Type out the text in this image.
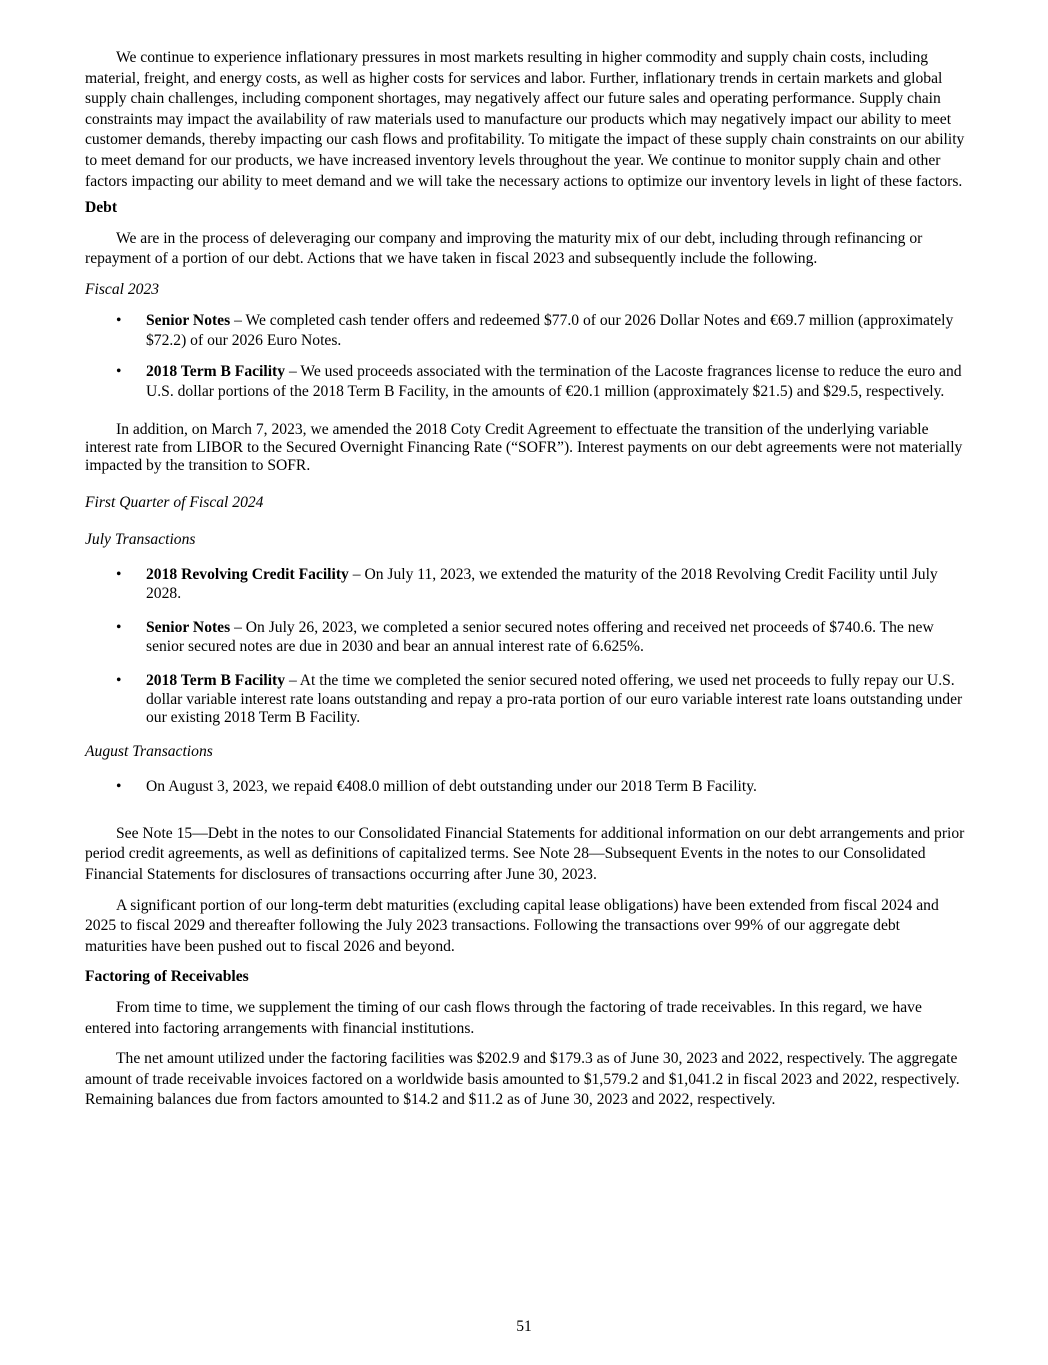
We continue to experience inflationary pressures in most markets resulting in higher commodity and supply chain costs, including material, freight, and energy costs, as well as higher costs for services and labor. Further, inflationary trends in certain markets and global supply chain challenges, including component shortages, may negatively affect our future sales and operating performance. Supply chain constraints may impact the availability of raw materials used to manufacture our products which may negatively impact our ability to meet customer demands, thereby impacting our cash flows and profitability. To mitigate the impact of these supply chain constraints on our ability to meet demand for our products, we have increased inventory levels throughout the year. We continue to monitor supply chain and other factors impacting our ability to meet demand and we will take the necessary actions to optimize our inventory levels in light of these factors.

Debt

We are in the process of deleveraging our company and improving the maturity mix of our debt, including through refinancing or repayment of a portion of our debt. Actions that we have taken in fiscal 2023 and subsequently include the following.

Fiscal 2023

• Senior Notes – We completed cash tender offers and redeemed $77.0 of our 2026 Dollar Notes and €69.7 million (approximately $72.2) of our 2026 Euro Notes.
• 2018 Term B Facility – We used proceeds associated with the termination of the Lacoste fragrances license to reduce the euro and U.S. dollar portions of the 2018 Term B Facility, in the amounts of €20.1 million (approximately $21.5) and $29.5, respectively.

In addition, on March 7, 2023, we amended the 2018 Coty Credit Agreement to effectuate the transition of the underlying variable interest rate from LIBOR to the Secured Overnight Financing Rate (“SOFR”). Interest payments on our debt agreements were not materially impacted by the transition to SOFR.

First Quarter of Fiscal 2024

July Transactions

• 2018 Revolving Credit Facility – On July 11, 2023, we extended the maturity of the 2018 Revolving Credit Facility until July 2028.
• Senior Notes – On July 26, 2023, we completed a senior secured notes offering and received net proceeds of $740.6. The new senior secured notes are due in 2030 and bear an annual interest rate of 6.625%.
• 2018 Term B Facility – At the time we completed the senior secured noted offering, we used net proceeds to fully repay our U.S. dollar variable interest rate loans outstanding and repay a pro-rata portion of our euro variable interest rate loans outstanding under our existing 2018 Term B Facility.

August Transactions

• On August 3, 2023, we repaid €408.0 million of debt outstanding under our 2018 Term B Facility.

See Note 15—Debt in the notes to our Consolidated Financial Statements for additional information on our debt arrangements and prior period credit agreements, as well as definitions of capitalized terms. See Note 28—Subsequent Events in the notes to our Consolidated Financial Statements for disclosures of transactions occurring after June 30, 2023.

A significant portion of our long-term debt maturities (excluding capital lease obligations) have been extended from fiscal 2024 and 2025 to fiscal 2029 and thereafter following the July 2023 transactions. Following the transactions over 99% of our aggregate debt maturities have been pushed out to fiscal 2026 and beyond.

Factoring of Receivables

From time to time, we supplement the timing of our cash flows through the factoring of trade receivables. In this regard, we have entered into factoring arrangements with financial institutions.

The net amount utilized under the factoring facilities was $202.9 and $179.3 as of June 30, 2023 and 2022, respectively. The aggregate amount of trade receivable invoices factored on a worldwide basis amounted to $1,579.2 and $1,041.2 in fiscal 2023 and 2022, respectively. Remaining balances due from factors amounted to $14.2 and $11.2 as of June 30, 2023 and 2022, respectively.

51
